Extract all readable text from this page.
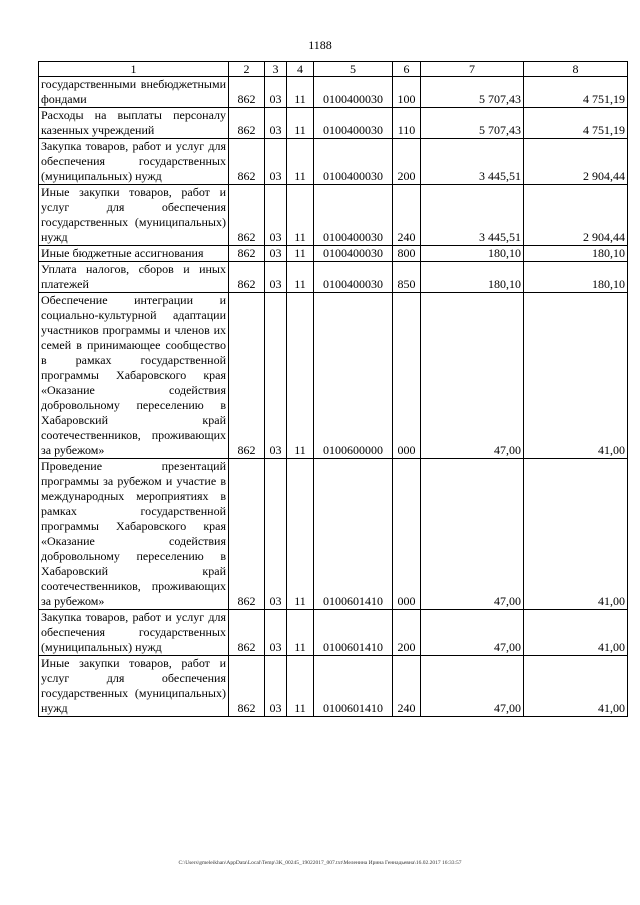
1188
1	2	3	4	5	6	7	8
государственными внебюджетными фондами	862	03	11	0100400030	100	5 707,43	4 751,19
Расходы на выплаты персоналу казенных учреждений	862	03	11	0100400030	110	5 707,43	4 751,19
Закупка товаров, работ и услуг для обеспечения государственных (муниципальных) нужд	862	03	11	0100400030	200	3 445,51	2 904,44
Иные закупки товаров, работ и услуг для обеспечения государственных (муниципальных) нужд	862	03	11	0100400030	240	3 445,51	2 904,44
Иные бюджетные ассигнования	862	03	11	0100400030	800	180,10	180,10
Уплата налогов, сборов и иных платежей	862	03	11	0100400030	850	180,10	180,10
Обеспечение интеграции и социально-культурной адаптации участников программы и членов их семей в принимающее сообщество в рамках государственной программы Хабаровского края «Оказание содействия добровольному переселению в Хабаровский край соотечественников, проживающих за рубежом»	862	03	11	0100600000	000	47,00	41,00
Проведение презентаций программы за рубежом и участие в международных мероприятиях в рамках государственной программы Хабаровского края «Оказание содействия добровольному переселению в Хабаровский край соотечественников, проживающих за рубежом»	862	03	11	0100601410	000	47,00	41,00
Закупка товаров, работ и услуг для обеспечения государственных (муниципальных) нужд	862	03	11	0100601410	200	47,00	41,00
Иные закупки товаров, работ и услуг для обеспечения государственных (муниципальных) нужд	862	03	11	0100601410	240	47,00	41,00
C:\Users\gmeleikhan\AppData\Local\Temp\3K_00245_19022017_007.txt\Меленина Ирина Геннадьевна\16.02.2017 16:33:57
